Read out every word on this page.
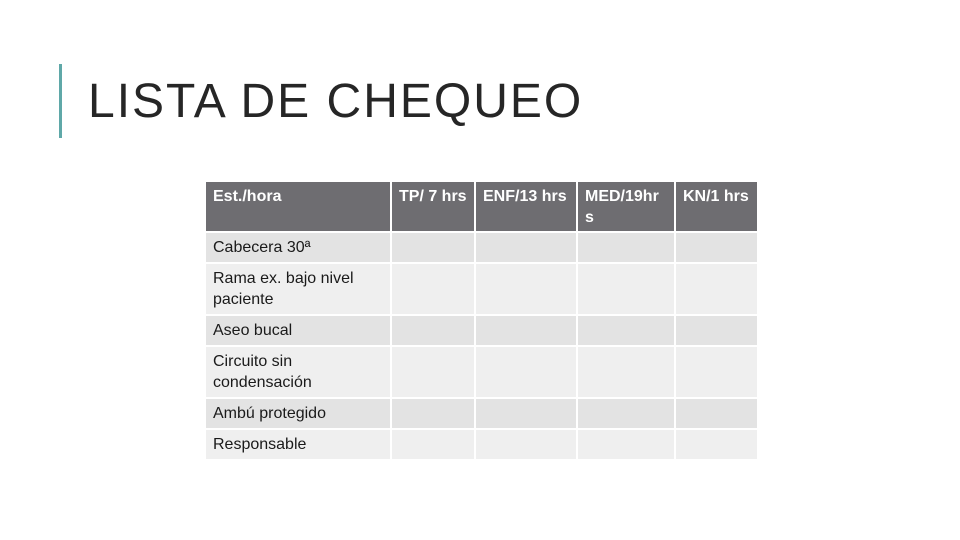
LISTA DE CHEQUEO
Est./hora	TP/ 7 hrs	ENF/13 hrs	MED/19hr s	KN/1 hrs
Cabecera 30ª				
Rama ex. bajo nivel paciente				
Aseo bucal				
Circuito sin condensación				
Ambú protegido				
Responsable				
